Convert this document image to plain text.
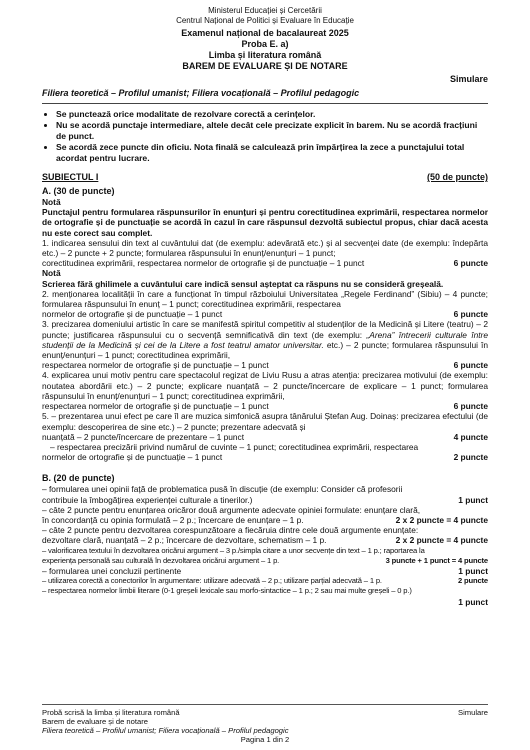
Ministerul Educației și Cercetării
Centrul Național de Politici și Evaluare în Educație
Examenul național de bacalaureat 2025
Proba E. a)
Limba și literatura română
BAREM DE EVALUARE ȘI DE NOTARE
Simulare
Filiera teoretică – Profilul umanist; Filiera vocațională – Profilul pedagogic
• Se punctează orice modalitate de rezolvare corectă a cerințelor.
• Nu se acordă punctaje intermediare, altele decât cele precizate explicit în barem. Nu se acordă fracțiuni de punct.
• Se acordă zece puncte din oficiu. Nota finală se calculează prin împărțirea la zece a punctajului total acordat pentru lucrare.
SUBIECTUL I	(50 de puncte)
A. (30 de puncte)
Notă
Punctajul pentru formularea răspunsurilor în enunțuri și pentru corectitudinea exprimării, respectarea normelor de ortografie și de punctuație se acordă în cazul în care răspunsul dezvoltă subiectul propus, chiar dacă acesta nu este corect sau complet.
1. indicarea sensului din text al cuvântului dat (de exemplu: adevărată etc.) și al secvenței date (de exemplu: îndepărta etc.) – 2 puncte + 2 puncte; formularea răspunsului în enunț/enunțuri – 1 punct;
corectitudinea exprimării, respectarea normelor de ortografie și de punctuație – 1 punct	6 puncte
Notă
Scrierea fără ghilimele a cuvântului care indică sensul așteptat ca răspuns nu se consideră greșeală.
2. menționarea localității în care a funcționat în timpul războiului Universitatea „Regele Ferdinand” (Sibiu) – 4 puncte; formularea răspunsului în enunț – 1 punct; corectitudinea exprimării, respectarea
normelor de ortografie și de punctuație – 1 punct	6 puncte
3. precizarea domeniului artistic în care se manifestă spiritul competitiv al studenților de la Medicină și Litere (teatru) – 2 puncte; justificarea răspunsului cu o secvență semnificativă din text (de exemplu: „Arena” întrecerii culturale între studenții de la Medicină și cei de la Litere a fost teatrul amator universitar. etc.) – 2 puncte; formularea răspunsului în enunț/enunțuri – 1 punct; corectitudinea exprimării,
respectarea normelor de ortografie și de punctuație – 1 punct	6 puncte
4. explicarea unui motiv pentru care spectacolul regizat de Liviu Rusu a atras atenția: precizarea motivului (de exemplu: noutatea abordării etc.) – 2 puncte; explicare nuanțată – 2 puncte/încercare de explicare – 1 punct; formularea răspunsului în enunț/enunțuri – 1 punct; corectitudinea exprimării,
respectarea normelor de ortografie și de punctuație – 1 punct	6 puncte
5. – prezentarea unui efect pe care îl are muzica simfonică asupra tânărului Ștefan Aug. Doinaș: precizarea efectului (de exemplu: descoperirea de sine etc.) – 2 puncte; prezentare adecvată și
nuanțată – 2 puncte/încercare de prezentare – 1 punct	4 puncte
– respectarea precizării privind numărul de cuvinte – 1 punct; corectitudinea exprimării, respectarea
normelor de ortografie și de punctuație – 1 punct	2 puncte
B. (20 de puncte)
– formularea unei opinii față de problematica pusă în discuție (de exemplu: Consider că profesorii
contribuie la îmbogățirea experienței culturale a tinerilor.)	1 punct
– câte 2 puncte pentru enunțarea oricăror două argumente adecvate opiniei formulate: enunțare clară,
în concordanță cu opinia formulată – 2 p.; încercare de enunțare – 1 p.	2 x 2 puncte = 4 puncte
– câte 2 puncte pentru dezvoltarea corespunzătoare a fiecăruia dintre cele două argumente enunțate:
dezvoltare clară, nuanțată – 2 p.; încercare de dezvoltare, schematism – 1 p.	2 x 2 puncte = 4 puncte
– valorificarea textului în dezvoltarea oricărui argument – 3 p./simpla citare a unor secvențe din text – 1 p.; raportarea la
experiența personală sau culturală în dezvoltarea oricărui argument – 1 p.	3 puncte + 1 punct = 4 puncte
– formularea unei concluzii pertinente	1 punct
– utilizarea corectă a conectorilor în argumentare: utilizare adecvată – 2 p.; utilizare parțial adecvată – 1 p.	2 puncte
– respectarea normelor limbii literare (0-1 greșeli lexicale sau morfo-sintactice – 1 p.; 2 sau mai multe greșeli – 0 p.)
1 punct
Probă scrisă la limba și literatura română	Simulare
Barem de evaluare și de notare
Filiera teoretică – Profilul umanist; Filiera vocațională – Profilul pedagogic
Pagina 1 din 2
